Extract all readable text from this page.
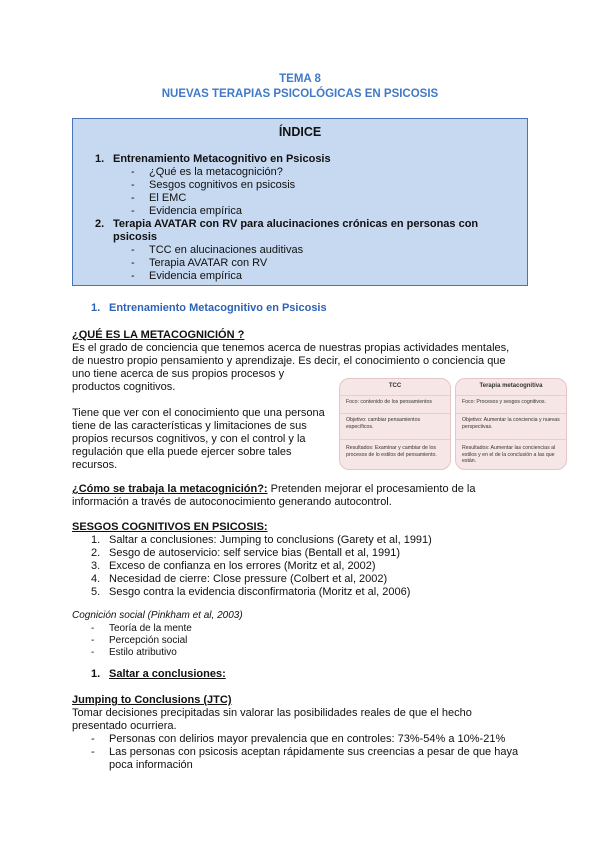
TEMA 8
NUEVAS TERAPIAS PSICOLÓGICAS EN PSICOSIS
ÍNDICE
1. Entrenamiento Metacognitivo en Psicosis
- ¿Qué es la metacognición?
- Sesgos cognitivos en psicosis
- El EMC
- Evidencia empírica
2. Terapia AVATAR con RV para alucinaciones crónicas en personas con
psicosis
- TCC en alucinaciones auditivas
- Terapia AVATAR con RV
- Evidencia empírica
1. Entrenamiento Metacognitivo en Psicosis
¿QUÉ ES LA METACOGNICIÓN ?
Es el grado de conciencia que tenemos acerca de nuestras propias actividades mentales,
de nuestro propio pensamiento y aprendizaje. Es decir, el conocimiento o conciencia que
uno tiene acerca de sus propios procesos y
productos cognitivos.
Tiene que ver con el conocimiento que una persona
tiene de las características y limitaciones de sus
propios recursos cognitivos, y con el control y la
regulación que ella puede ejercer sobre tales
recursos.
TCC
Foco: contenido de los pensamientos
Objetivo: cambiar pensamientos específicos.
Resultados: Examinar y cambiar de los procesos de lo estilos del pensamiento.
Terapia metacognitiva
Foco: Procesos y sesgos cognitivos.
Objetivo: Aumentar la conciencia y nuevas perspectivas.
Resultados: Aumentar las conciencias al estilos y en el de la conclusión a las que están.
¿Cómo se trabaja la metacognición?: Pretenden mejorar el procesamiento de la
información a través de autoconocimiento generando autocontrol.
SESGOS COGNITIVOS EN PSICOSIS:
1. Saltar a conclusiones: Jumping to conclusions (Garety et al, 1991)
2. Sesgo de autoservicio: self service bias (Bentall et al, 1991)
3. Exceso de confianza en los errores (Moritz et al, 2002)
4. Necesidad de cierre: Close pressure (Colbert et al, 2002)
5. Sesgo contra la evidencia disconfirmatoria (Moritz et al, 2006)
Cognición social (Pinkham et al, 2003)
- Teoría de la mente
- Percepción social
- Estilo atributivo
1. Saltar a conclusiones:
Jumping to Conclusions (JTC)
Tomar decisiones precipitadas sin valorar las posibilidades reales de que el hecho
presentado ocurriera.
- Personas con delirios mayor prevalencia que en controles: 73%-54% a 10%-21%
- Las personas con psicosis aceptan rápidamente sus creencias a pesar de que haya
poca información
